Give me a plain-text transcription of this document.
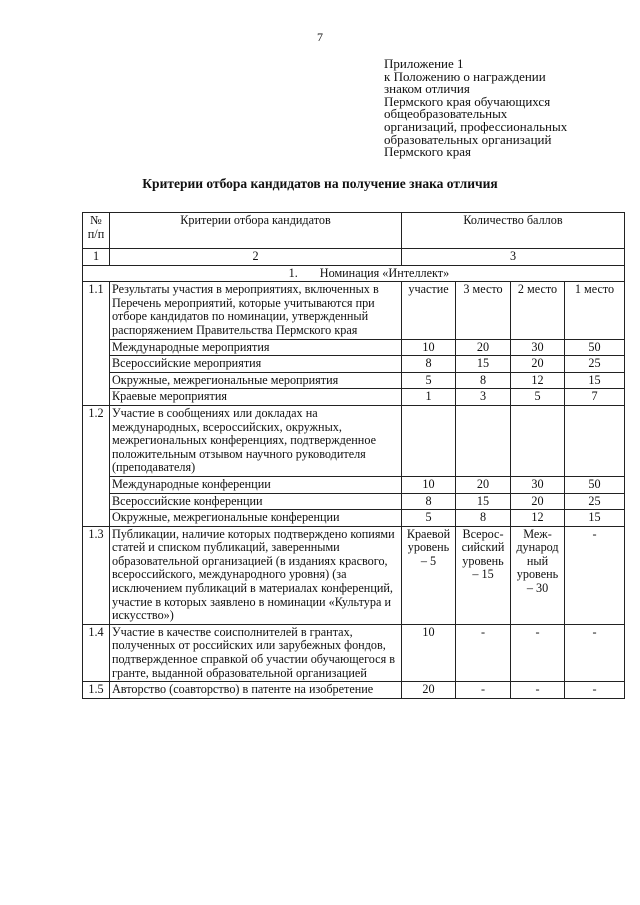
7
Приложение 1
к Положению о награждении
знаком отличия
Пермского края обучающихся
общеобразовательных
организаций, профессиональных
образовательных организаций
Пермского края
Критерии отбора кандидатов на получение знака отличия
№ п/п	Критерии отбора кандидатов	Количество баллов			
1	2	3			
1. Номинация «Интеллект»					
1.1	Результаты участия в мероприятиях, включенных в Перечень мероприятий, которые учитываются при отборе кандидатов по номинации, утвержденный распоряжением Правительства Пермского края	участие	3 место	2 место	1 место
	Международные мероприятия	10	20	30	50
	Всероссийские мероприятия	8	15	20	25
	Окружные, межрегиональные мероприятия	5	8	12	15
	Краевые мероприятия	1	3	5	7
1.2	Участие в сообщениях или докладах на международных, всероссийских, окружных, межрегиональных конференциях, подтвержденное положительным отзывом научного руководителя (преподавателя)				
	Международные конференции	10	20	30	50
	Всероссийские конференции	8	15	20	25
	Окружные, межрегиональные конференции	5	8	12	15
1.3	Публикации, наличие которых подтверждено копиями статей и списком публикаций, заверенными образовательной организацией (в изданиях красвого, всероссийского, международного уровня) (за исключением публикаций в материалах конференций, участие в которых заявлено в номинации «Культура и искусство»)	Краевой уровень – 5	Всерос-сийский уровень – 15	Меж-дународ ный уровень – 30	-
1.4	Участие в качестве соисполнителей в грантах, полученных от российских или зарубежных фондов, подтвержденное справкой об участии обучающегося в гранте, выданной образовательной организацией	10	-	-	-
1.5	Авторство (соавторство) в патенте на изобретение	20	-	-	-
